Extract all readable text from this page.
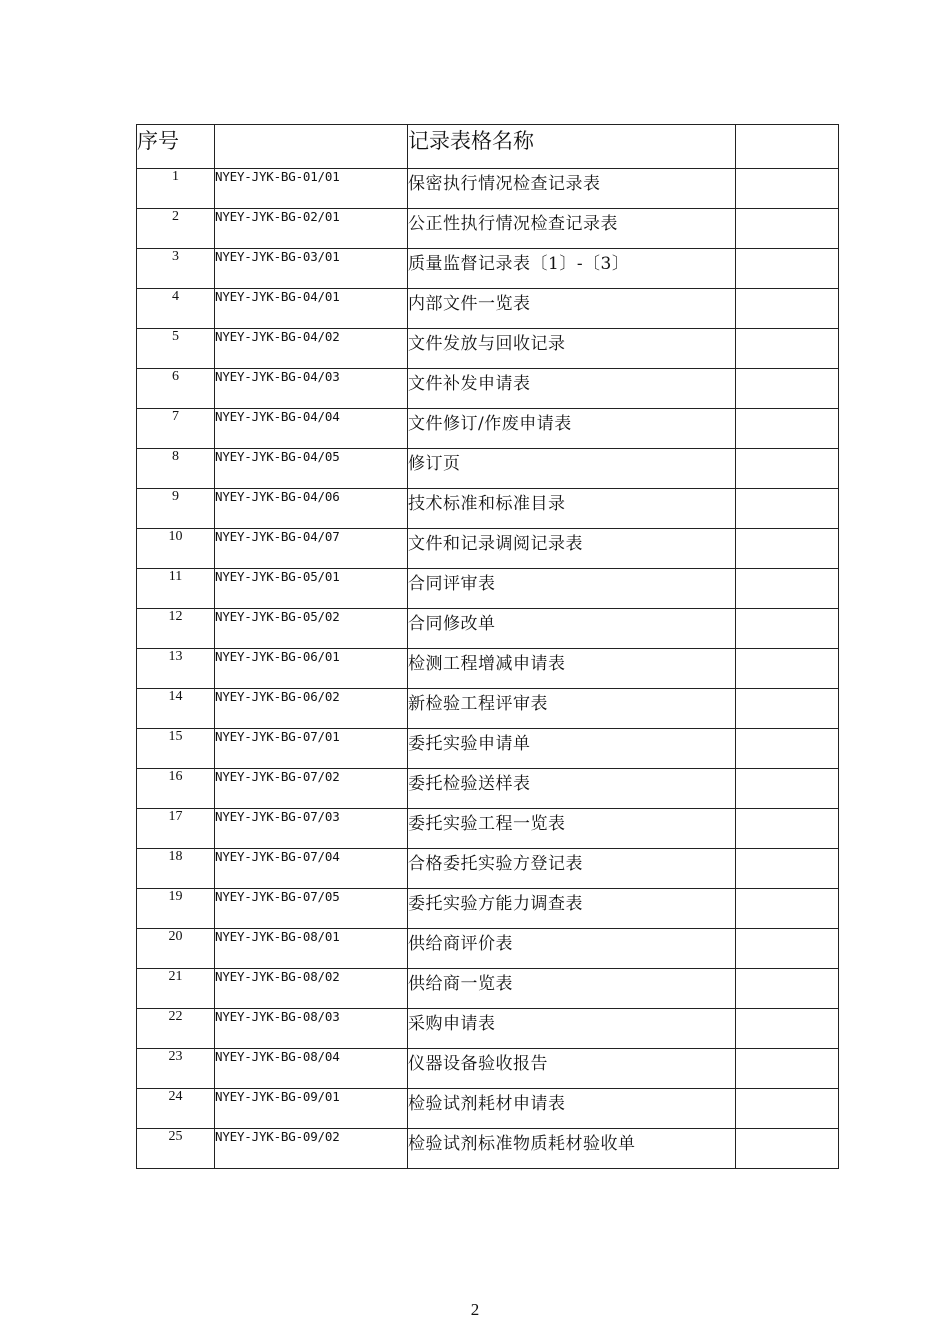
序号		记录表格名称	
1	NYEY-JYK-BG-01/01	保密执行情况检查记录表	
2	NYEY-JYK-BG-02/01	公正性执行情况检查记录表	
3	NYEY-JYK-BG-03/01	质量监督记录表〔1〕-〔3〕	
4	NYEY-JYK-BG-04/01	内部文件一览表	
5	NYEY-JYK-BG-04/02	文件发放与回收记录	
6	NYEY-JYK-BG-04/03	文件补发申请表	
7	NYEY-JYK-BG-04/04	文件修订/作废申请表	
8	NYEY-JYK-BG-04/05	修订页	
9	NYEY-JYK-BG-04/06	技术标准和标准目录	
10	NYEY-JYK-BG-04/07	文件和记录调阅记录表	
11	NYEY-JYK-BG-05/01	合同评审表	
12	NYEY-JYK-BG-05/02	合同修改单	
13	NYEY-JYK-BG-06/01	检测工程增减申请表	
14	NYEY-JYK-BG-06/02	新检验工程评审表	
15	NYEY-JYK-BG-07/01	委托实验申请单	
16	NYEY-JYK-BG-07/02	委托检验送样表	
17	NYEY-JYK-BG-07/03	委托实验工程一览表	
18	NYEY-JYK-BG-07/04	合格委托实验方登记表	
19	NYEY-JYK-BG-07/05	委托实验方能力调查表	
20	NYEY-JYK-BG-08/01	供给商评价表	
21	NYEY-JYK-BG-08/02	供给商一览表	
22	NYEY-JYK-BG-08/03	采购申请表	
23	NYEY-JYK-BG-08/04	仪器设备验收报告	
24	NYEY-JYK-BG-09/01	检验试剂耗材申请表	
25	NYEY-JYK-BG-09/02	检验试剂标准物质耗材验收单	
2
